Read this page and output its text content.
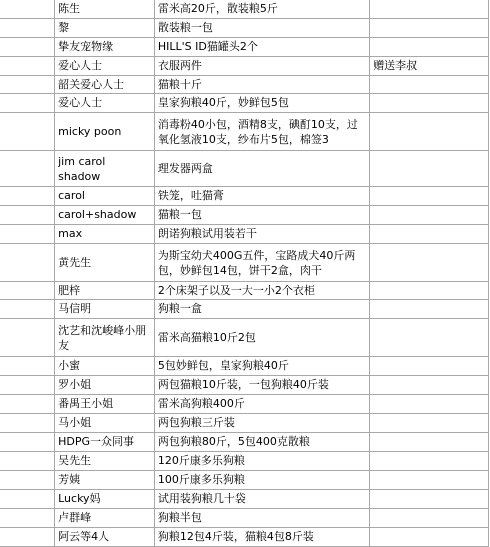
	陈生	雷米高20斤，散装粮5斤	
	黎	散装粮一包	
	挚友宠物缘	HILL'S ID猫罐头2个	
	爱心人士	衣服两件	赠送李叔
	韶关爱心人士	猫粮十斤	
	爱心人士	皇家狗粮40斤，妙鲜包5包	
	micky poon	消毒粉40小包，酒精8支，碘酊10支，过氧化氢液10支，纱布片5包，棉签3	
	jim carol shadow	理发器两盒	
	carol	铁笼，吐猫膏	
	carol+shadow	猫粮一包	
	max	朗诺狗粮试用装若干	
	黄先生	为斯宝幼犬400G五件，宝路成犬40斤两包，妙鲜包14包，饼干2盒，肉干	
	肥梓	2个床架子以及一大一小2个衣柜	
	马信明	狗粮一盒	
	沈艺和沈峻峰小朋友	雷米高猫粮10斤2包	
	小蜜	5包妙鲜包，皇家狗粮40斤	
	罗小姐	两包猫粮10斤装，一包狗粮40斤装	
	番禺王小姐	雷米高狗粮400斤	
	马小姐	两包狗粮三斤装	
	HDPG一众同事	两包狗粮80斤，5包400克散粮	
	吴先生	120斤康多乐狗粮	
	芳姨	100斤康多乐狗粮	
	Lucky妈	试用装狗粮几十袋	
	卢群峰	狗粮半包	
	阿云等4人	狗粮12包4斤装，猫粮4包8斤装	
